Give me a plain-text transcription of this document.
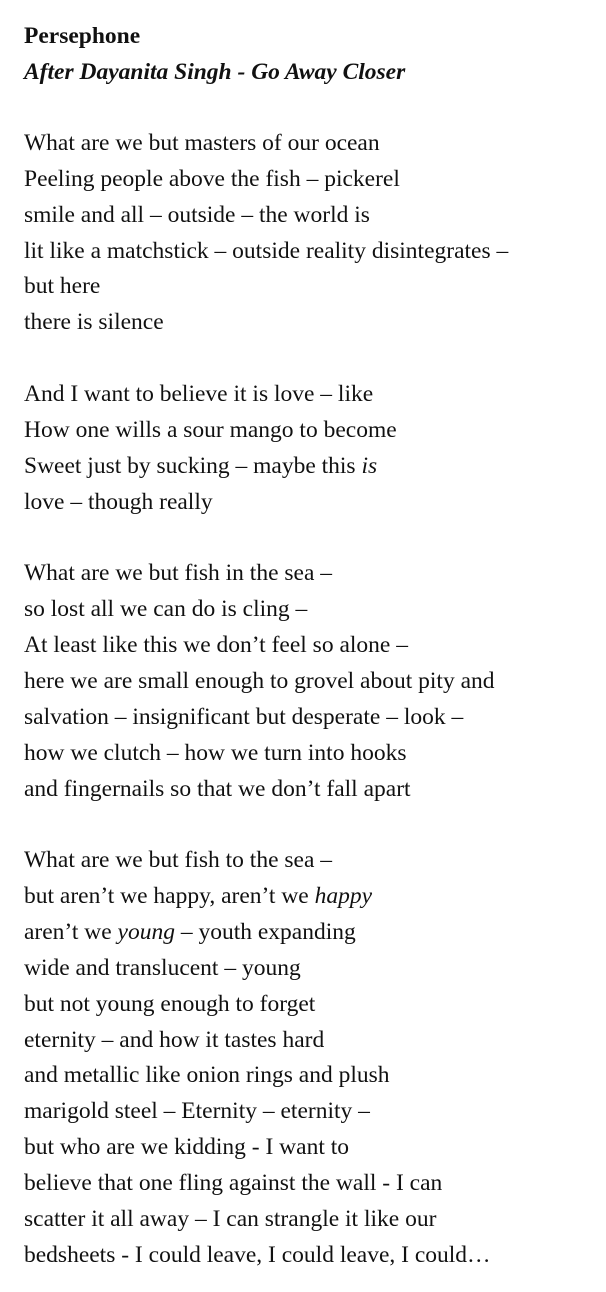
Persephone
After Dayanita Singh - Go Away Closer
What are we but masters of our ocean
Peeling people above the fish – pickerel
smile and all – outside – the world is
lit like a matchstick – outside reality disintegrates –
but here
there is silence
And I want to believe it is love – like
How one wills a sour mango to become
Sweet just by sucking – maybe this is
love – though really
What are we but fish in the sea –
so lost all we can do is cling –
At least like this we don’t feel so alone –
here we are small enough to grovel about pity and
salvation – insignificant but desperate – look –
how we clutch – how we turn into hooks
and fingernails so that we don’t fall apart
What are we but fish to the sea –
but aren’t we happy, aren’t we happy
aren’t we young – youth expanding
wide and translucent – young
but not young enough to forget
eternity – and how it tastes hard
and metallic like onion rings and plush
marigold steel – Eternity – eternity –
but who are we kidding - I want to
believe that one fling against the wall - I can
scatter it all away – I can strangle it like our
bedsheets - I could leave, I could leave, I could…
